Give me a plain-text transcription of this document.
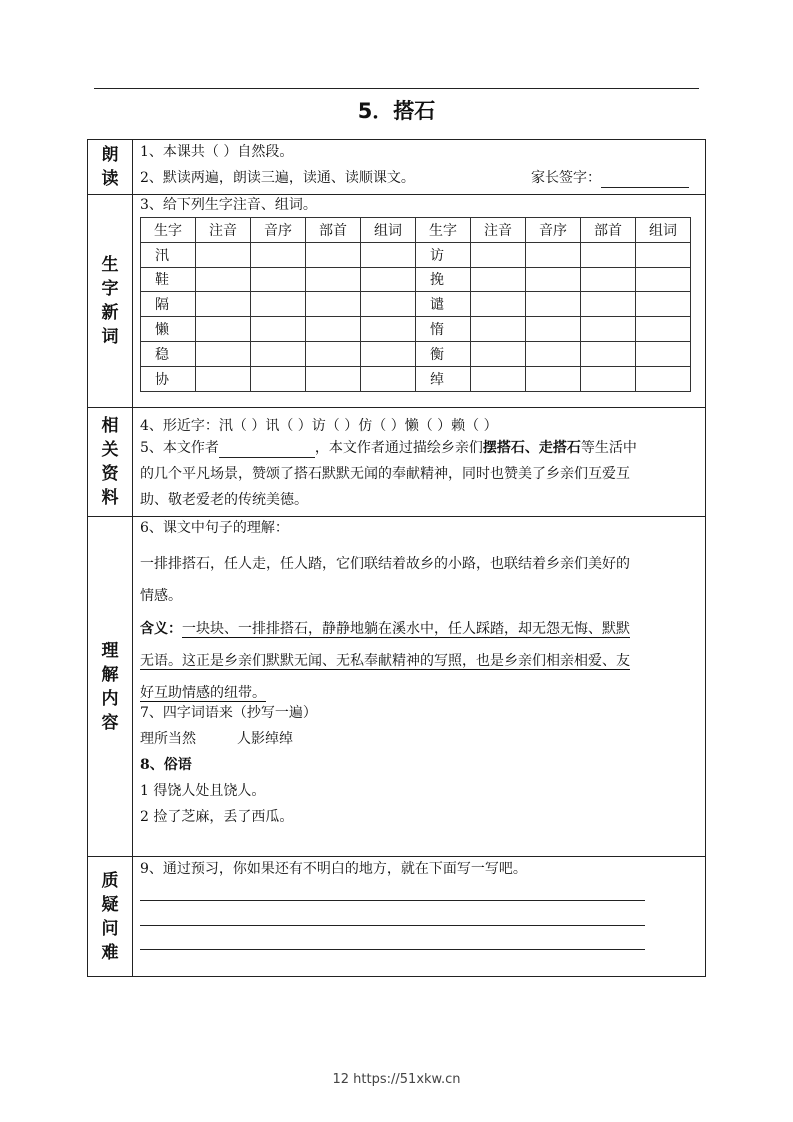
5．搭石
朗
读
1、本课共（ ）自然段。
2、默读两遍，朗读三遍，读通、读顺课文。	家长签字：
生
字
新
词
3、给下列生字注音、组词。
生字	注音	音序	部首	组词	生字	注音	音序	部首	组词
汛					访				
鞋					挽				
隔					谴				
懒					惰				
稳					衡				
协					绰				
相
关
资
料
4、形近字：汛（ ）讯（ ）访（ ）仿（ ）懒（ ）赖（ ）
5、本文作者	，本文作者通过描绘乡亲们摆搭石、走搭石等生活中
的几个平凡场景，赞颂了搭石默默无闻的奉献精神，同时也赞美了乡亲们互爱互
助、敬老爱老的传统美德。
理
解
内
容
6、课文中句子的理解：
一排排搭石，任人走，任人踏，它们联结着故乡的小路，也联结着乡亲们美好的
情感。
含义：一块块、一排排搭石，静静地躺在溪水中，任人踩踏，却无怨无悔、默默
无语。这正是乡亲们默默无闻、无私奉献精神的写照，也是乡亲们相亲相爱、友
好互助情感的纽带。
7、四字词语来（抄写一遍）
理所当然	人影绰绰
8、俗语
1 得饶人处且饶人。
2 捡了芝麻，丢了西瓜。
质
疑
问
难
9、通过预习，你如果还有不明白的地方，就在下面写一写吧。
12 https://51xkw.cn
